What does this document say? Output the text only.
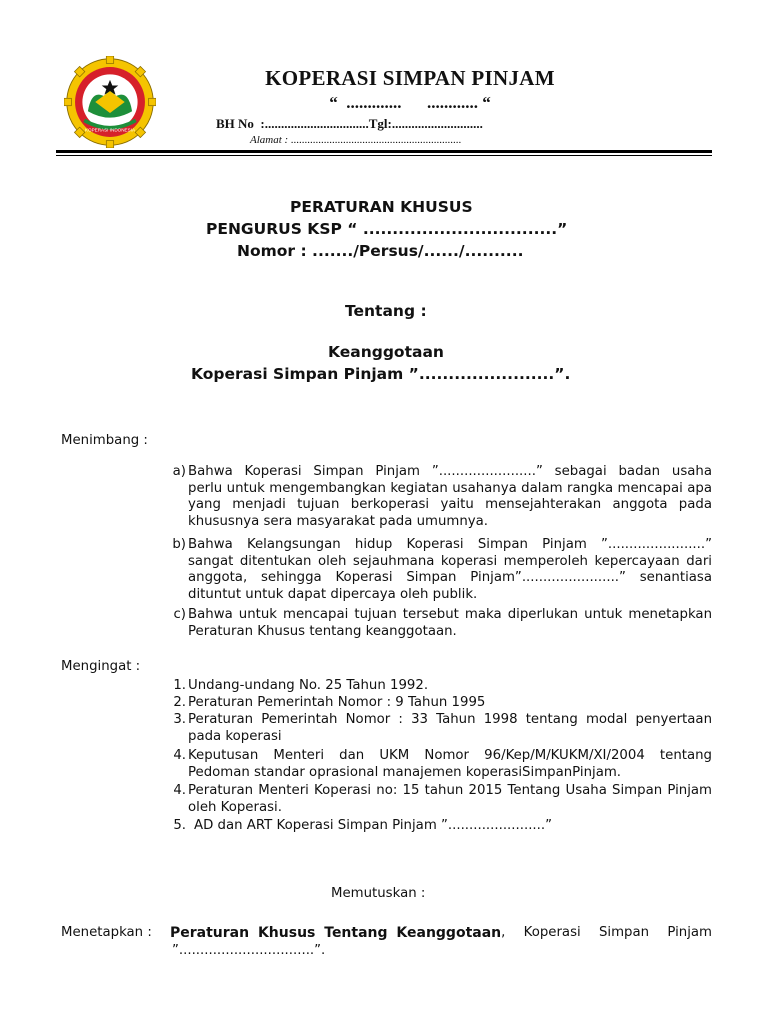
KOPERASI INDONESIA
KOPERASI SIMPAN PINJAM
“  .............      ............ “
BH No  :................................Tgl:............................
Alamat : ..............................................................
PERATURAN KHUSUS
PENGURUS KSP “ .................................”
Nomor : ......./Persus/....../..........
Tentang :
Keanggotaan
Koperasi Simpan Pinjam ”.......................”.
Menimbang :
a) Bahwa Koperasi Simpan Pinjam ”.......................” sebagai badan usaha
perlu untuk mengembangkan kegiatan usahanya dalam rangka mencapai apa
yang menjadi tujuan berkoperasi yaitu mensejahterakan anggota pada
khususnya sera masyarakat pada umumnya.
b) Bahwa Kelangsungan hidup Koperasi Simpan Pinjam ”.......................”
sangat ditentukan oleh sejauhmana koperasi memperoleh kepercayaan dari
anggota, sehingga Koperasi Simpan Pinjam”.......................” senantiasa
dituntut untuk dapat dipercaya oleh publik.
c) Bahwa untuk mencapai tujuan tersebut maka diperlukan untuk menetapkan
Peraturan Khusus tentang keanggotaan.
Mengingat :
1. Undang-undang No. 25 Tahun 1992.
2. Peraturan Pemerintah Nomor : 9 Tahun 1995
3. Peraturan Pemerintah Nomor : 33 Tahun 1998 tentang modal penyertaan
pada koperasi
4. Keputusan Menteri dan UKM Nomor 96/Kep/M/KUKM/XI/2004 tentang
Pedoman standar oprasional manajemen koperasiSimpanPinjam.
4. Peraturan Menteri Koperasi no: 15 tahun 2015 Tentang Usaha Simpan Pinjam
oleh Koperasi.
5. AD dan ART Koperasi Simpan Pinjam ”.......................”
Memutuskan :
Menetapkan : Peraturan Khusus Tentang Keanggotaan , Koperasi Simpan Pinjam
”................................”.
